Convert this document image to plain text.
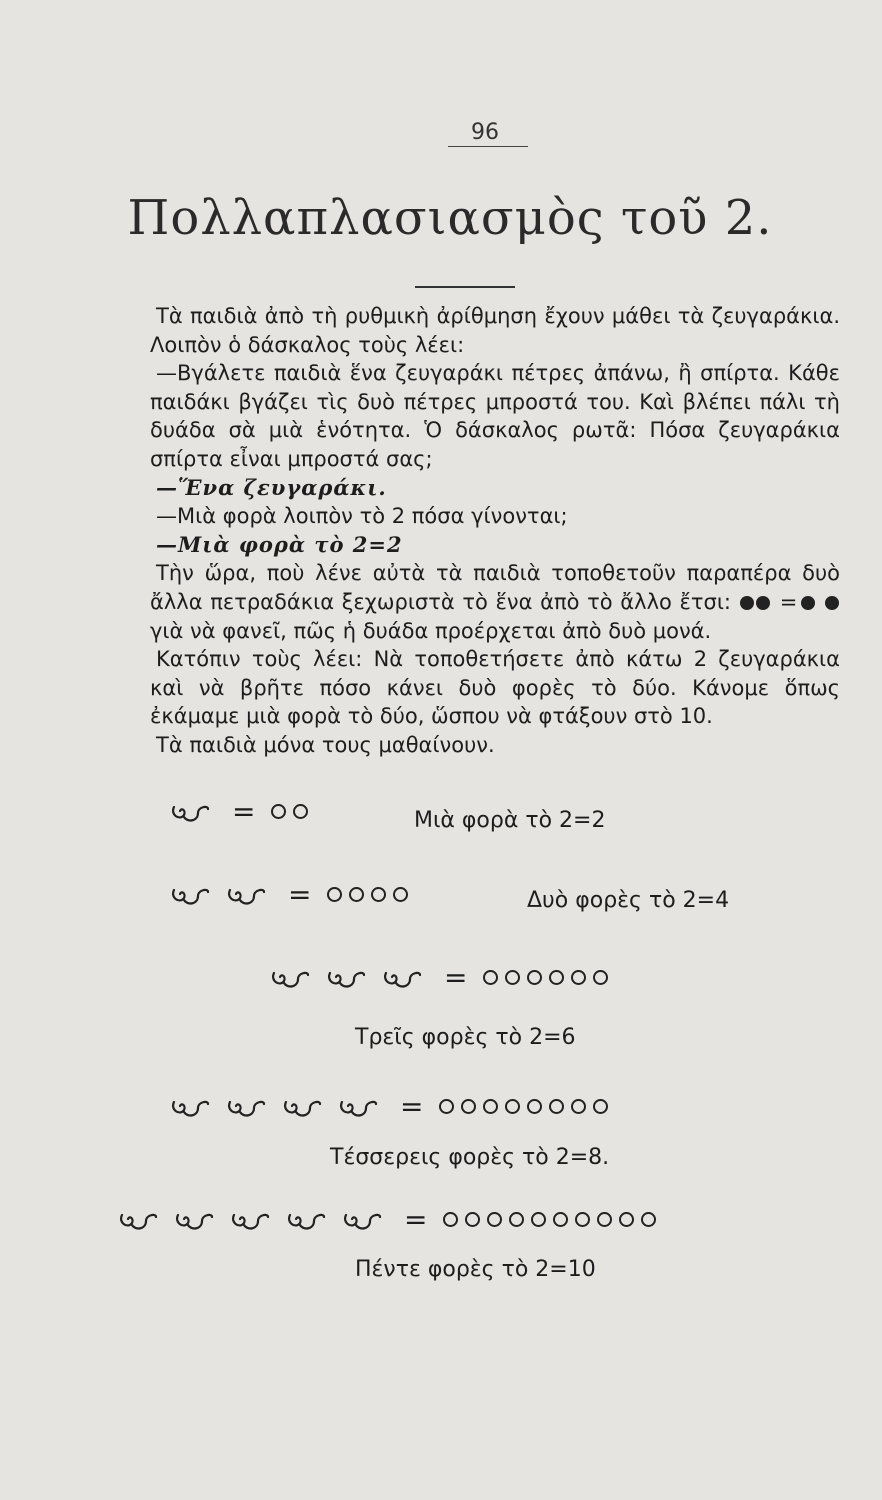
96
Πολλαπλασιασμὸς τοῦ 2.

Τὰ παιδιὰ ἀπὸ τὴ ρυθμικὴ ἀρίθμηση ἔχουν μάθει τὰ ζευγαράκια. Λοιπὸν ὁ δάσκαλος τοὺς λέει:

—Βγάλετε παιδιὰ ἕνα ζευγαράκι πέτρες ἀπάνω, ἢ σπίρτα. Κάθε παιδάκι βγάζει τὶς δυὸ πέτρες μπροστά του. Καὶ βλέπει πάλι τὴ δυάδα σὰ μιὰ ἑνότητα. Ὁ δάσκαλος ρωτᾶ: Πόσα ζευγαράκια σπίρτα εἶναι μπροστά σας;

—Ἕνα ζευγαράκι.

—Μιὰ φορὰ λοιπὸν τὸ 2 πόσα γίνονται;

—Μιὰ φορὰ τὸ 2=2

Τὴν ὥρα, ποὺ λένε αὐτὰ τὰ παιδιὰ τοποθετοῦν παραπέρα δυὸ ἄλλα πετραδάκια ξεχωριστὰ τὸ ἕνα ἀπὸ τὸ ἄλλο ἔτσι: =  γιὰ νὰ φανεῖ, πῶς ἡ δυάδα προέρχεται ἀπὸ δυὸ μονά.

Κατόπιν τοὺς λέει: Νὰ τοποθετήσετε ἀπὸ κάτω 2 ζευγαράκια καὶ νὰ βρῆτε πόσο κάνει δυὸ φορὲς τὸ δύο. Κάνομε ὅπως ἐκάμαμε μιὰ φορὰ τὸ δύο, ὥσπου νὰ φτάξουν στὸ 10.

Τὰ παιδιὰ μόνα τους μαθαίνουν.

=	Μιὰ φορὰ τὸ 2=2
=	Δυὸ φορὲς τὸ 2=4
=
Τρεῖς φορὲς τὸ 2=6
=
Τέσσερεις φορὲς τὸ 2=8.
=
Πέντε φορὲς τὸ 2=10
